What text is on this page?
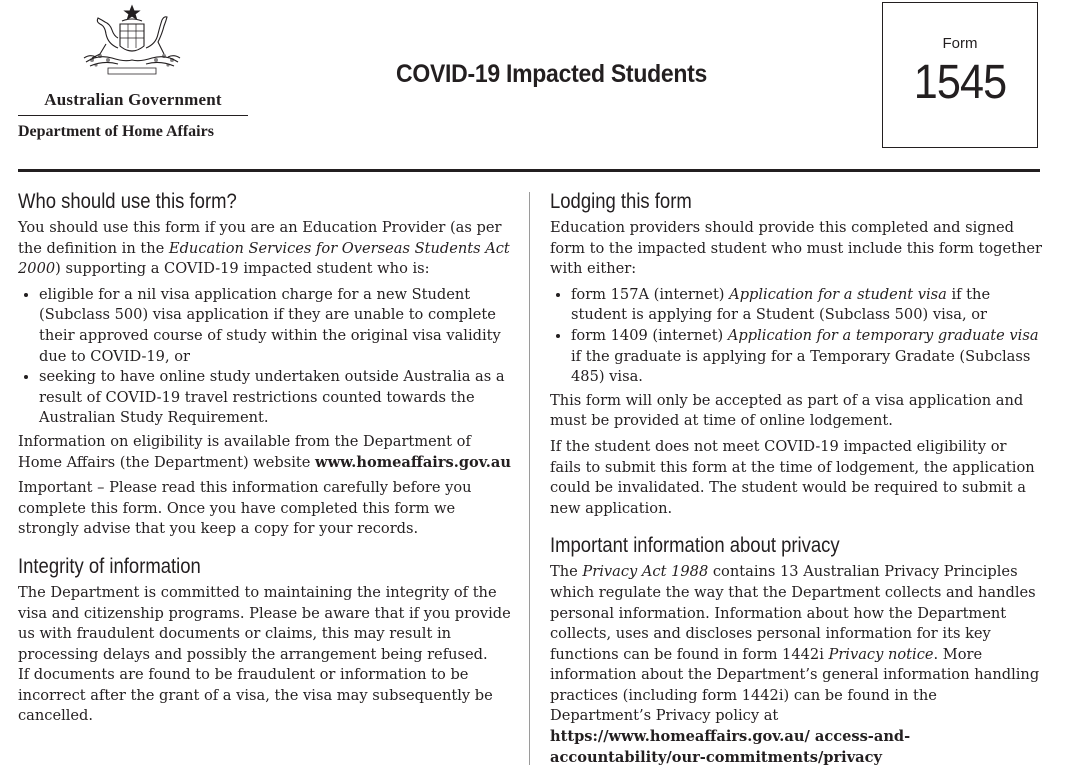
Australian Government
Department of Home Affairs
COVID-19 Impacted Students
Form
1545
Who should use this form?

You should use this form if you are an Education Provider (as per the definition in the Education Services for Overseas Students Act 2000) supporting a COVID-19 impacted student who is:

• eligible for a nil visa application charge for a new Student (Subclass 500) visa application if they are unable to complete their approved course of study within the original visa validity due to COVID-19, or
• seeking to have online study undertaken outside Australia as a result of COVID-19 travel restrictions counted towards the Australian Study Requirement.

Information on eligibility is available from the Department of Home Affairs (the Department) website www.homeaffairs.gov.au

Important – Please read this information carefully before you complete this form. Once you have completed this form we strongly advise that you keep a copy for your records.

Integrity of information

The Department is committed to maintaining the integrity of the visa and citizenship programs. Please be aware that if you provide us with fraudulent documents or claims, this may result in processing delays and possibly the arrangement being refused.

If documents are found to be fraudulent or information to be incorrect after the grant of a visa, the visa may subsequently be cancelled.

Lodging this form

Education providers should provide this completed and signed form to the impacted student who must include this form together with either:

• form 157A (internet) Application for a student visa if the student is applying for a Student (Subclass 500) visa, or
• form 1409 (internet) Application for a temporary graduate visa if the graduate is applying for a Temporary Gradate (Subclass 485) visa.

This form will only be accepted as part of a visa application and must be provided at time of online lodgement.

If the student does not meet COVID-19 impacted eligibility or fails to submit this form at the time of lodgement, the application could be invalidated. The student would be required to submit a new application.

Important information about privacy

The Privacy Act 1988 contains 13 Australian Privacy Principles which regulate the way that the Department collects and handles personal information. Information about how the Department collects, uses and discloses personal information for its key functions can be found in form 1442i Privacy notice. More information about the Department’s general information handling practices (including form 1442i) can be found in the Department’s Privacy policy at https://www.homeaffairs.gov.au/ access-and-accountability/our-commitments/privacy
